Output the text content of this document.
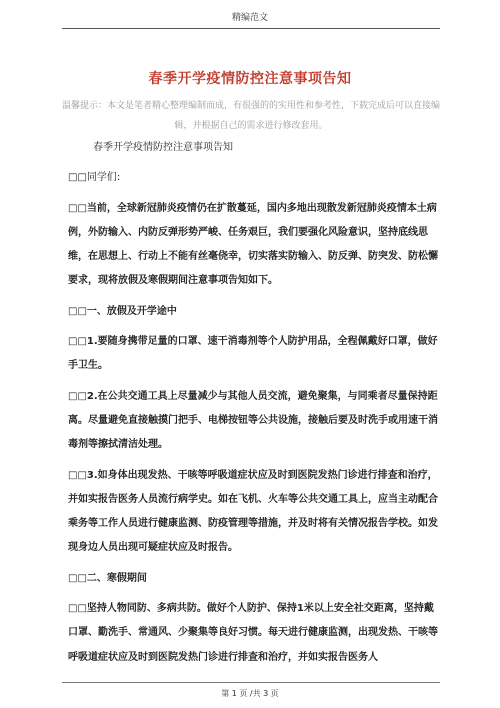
精编范文
春季开学疫情防控注意事项告知
温馨提示：本文是笔者精心整理编制而成，有很强的的实用性和参考性，下载完成后可以直接编辑，并根据自己的需求进行修改套用。

春季开学疫情防控注意事项告知

□□同学们:

□□当前，全球新冠肺炎疫情仍在扩散蔓延，国内多地出现散发新冠肺炎疫情本土病例，外防输入、内防反弹形势严峻、任务艰巨，我们要强化风险意识，坚持底线思维，在思想上、行动上不能有丝毫侥幸，切实落实防输入、防反弹、防突发、防松懈要求，现将放假及寒假期间注意事项告知如下。

□□一、放假及开学途中

□□1.要随身携带足量的口罩、速干消毒剂等个人防护用品，全程佩戴好口罩，做好手卫生。

□□2.在公共交通工具上尽量减少与其他人员交流，避免聚集，与同乘者尽量保持距离。尽量避免直接触摸门把手、电梯按钮等公共设施，接触后要及时洗手或用速干消毒剂等擦拭清洁处理。

□□3.如身体出现发热、干咳等呼吸道症状应及时到医院发热门诊进行排查和治疗，并如实报告医务人员流行病学史。如在飞机、火车等公共交通工具上，应当主动配合乘务等工作人员进行健康监测、防疫管理等措施，并及时将有关情况报告学校。如发现身边人员出现可疑症状应及时报告。

□□二、寒假期间

□□坚持人物同防、多病共防。做好个人防护、保持1米以上安全社交距离，坚持戴口罩、勤洗手、常通风、少聚集等良好习惯。每天进行健康监测，出现发热、干咳等呼吸道症状应及时到医院发热门诊进行排查和治疗，并如实报告医务人

第 1 页 /共 3 页
